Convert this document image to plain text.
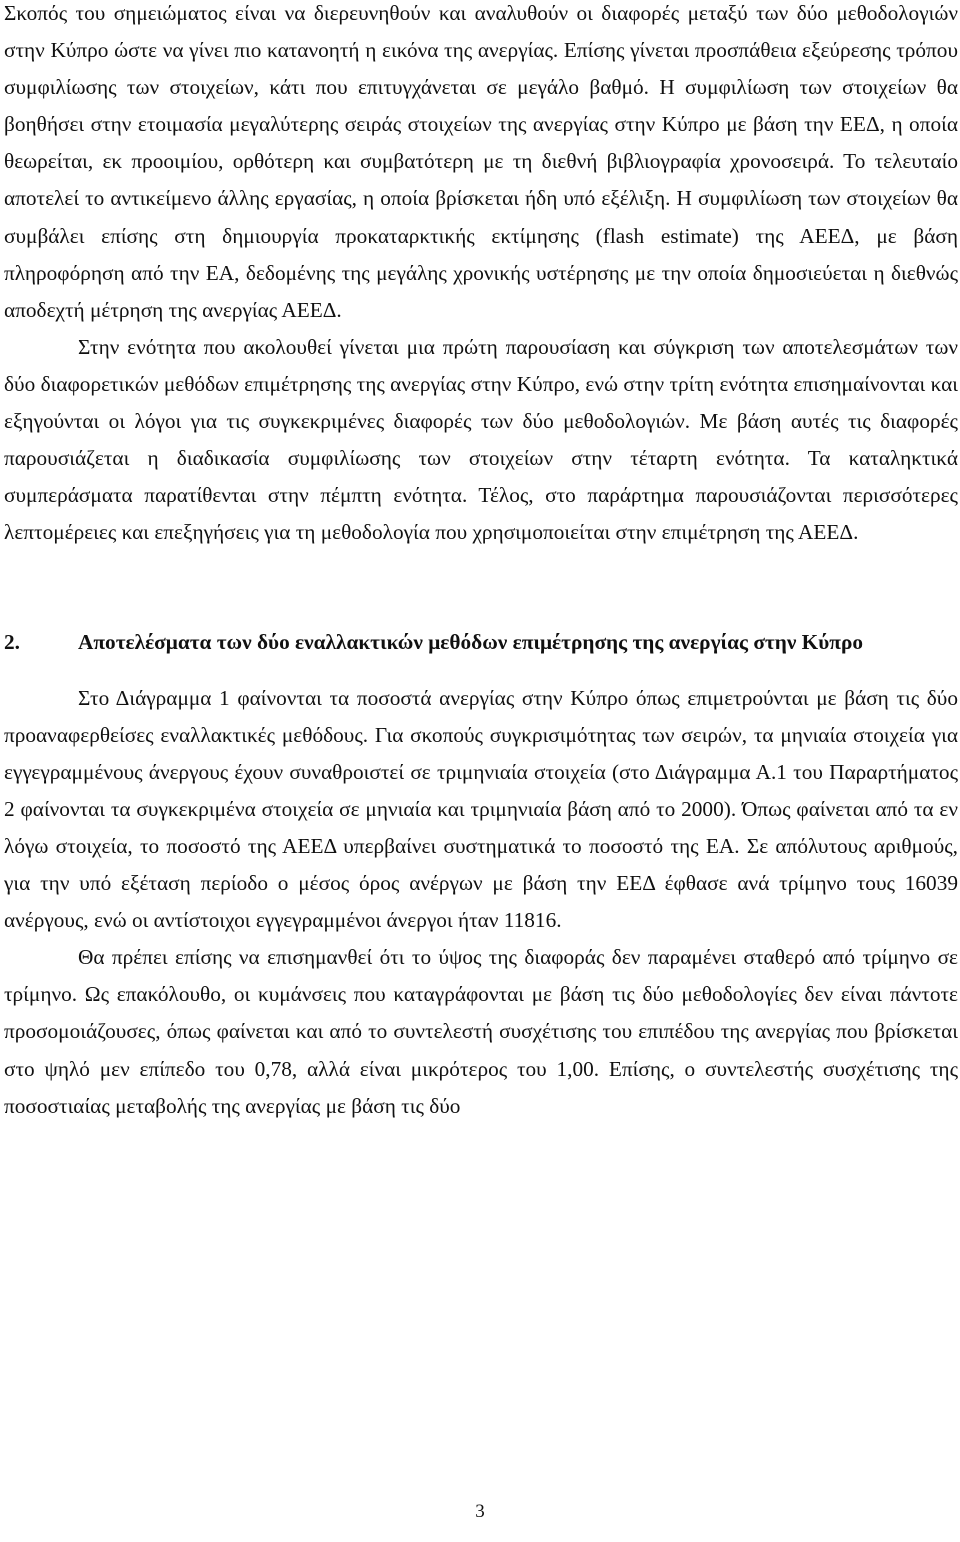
Σκοπός του σημειώματος είναι να διερευνηθούν και αναλυθούν οι διαφορές μεταξύ των δύο μεθοδολογιών στην Κύπρο ώστε να γίνει πιο κατανοητή η εικόνα της ανεργίας. Επίσης γίνεται προσπάθεια εξεύρεσης τρόπου συμφιλίωσης των στοιχείων, κάτι που επιτυγχάνεται σε μεγάλο βαθμό. Η συμφιλίωση των στοιχείων θα βοηθήσει στην ετοιμασία μεγαλύτερης σειράς στοιχείων της ανεργίας στην Κύπρο με βάση την ΕΕΔ, η οποία θεωρείται, εκ προοιμίου, ορθότερη και συμβατότερη με τη διεθνή βιβλιογραφία χρονοσειρά. Το τελευταίο αποτελεί το αντικείμενο άλλης εργασίας, η οποία βρίσκεται ήδη υπό εξέλιξη. Η συμφιλίωση των στοιχείων θα συμβάλει επίσης στη δημιουργία προκαταρκτικής εκτίμησης (flash estimate) της ΑΕΕΔ, με βάση πληροφόρηση από την ΕΑ, δεδομένης της μεγάλης χρονικής υστέρησης με την οποία δημοσιεύεται η διεθνώς αποδεχτή μέτρηση της ανεργίας ΑΕΕΔ.

Στην ενότητα που ακολουθεί γίνεται μια πρώτη παρουσίαση και σύγκριση των αποτελεσμάτων των δύο διαφορετικών μεθόδων επιμέτρησης της ανεργίας στην Κύπρο, ενώ στην τρίτη ενότητα επισημαίνονται και εξηγούνται οι λόγοι για τις συγκεκριμένες διαφορές των δύο μεθοδολογιών. Με βάση αυτές τις διαφορές παρουσιάζεται η διαδικασία συμφιλίωσης των στοιχείων στην τέταρτη ενότητα. Τα καταληκτικά συμπεράσματα παρατίθενται στην πέμπτη ενότητα. Τέλος, στο παράρτημα παρουσιάζονται περισσότερες λεπτομέρειες και επεξηγήσεις για τη μεθοδολογία που χρησιμοποιείται στην επιμέτρηση της ΑΕΕΔ.

2.	Αποτελέσματα των δύο εναλλακτικών μεθόδων επιμέτρησης της ανεργίας στην Κύπρο

Στο Διάγραμμα 1 φαίνονται τα ποσοστά ανεργίας στην Κύπρο όπως επιμετρούνται με βάση τις δύο προαναφερθείσες εναλλακτικές μεθόδους. Για σκοπούς συγκρισιμότητας των σειρών, τα μηνιαία στοιχεία για εγγεγραμμένους άνεργους έχουν συναθροιστεί σε τριμηνιαία στοιχεία (στο Διάγραμμα Α.1 του Παραρτήματος 2 φαίνονται τα συγκεκριμένα στοιχεία σε μηνιαία και τριμηνιαία βάση από το 2000). Όπως φαίνεται από τα εν λόγω στοιχεία, το ποσοστό της ΑΕΕΔ υπερβαίνει συστηματικά το ποσοστό της ΕΑ. Σε απόλυτους αριθμούς, για την υπό εξέταση περίοδο ο μέσος όρος ανέργων με βάση την ΕΕΔ έφθασε ανά τρίμηνο τους 16039 ανέργους, ενώ οι αντίστοιχοι εγγεγραμμένοι άνεργοι ήταν 11816.

Θα πρέπει επίσης να επισημανθεί ότι το ύψος της διαφοράς δεν παραμένει σταθερό από τρίμηνο σε τρίμηνο. Ως επακόλουθο, οι κυμάνσεις που καταγράφονται με βάση τις δύο μεθοδολογίες δεν είναι πάντοτε προσομοιάζουσες, όπως φαίνεται και από το συντελεστή συσχέτισης του επιπέδου της ανεργίας που βρίσκεται στο ψηλό μεν επίπεδο του 0,78, αλλά είναι μικρότερος του 1,00. Επίσης, ο συντελεστής συσχέτισης της ποσοστιαίας μεταβολής της ανεργίας με βάση τις δύο

3
